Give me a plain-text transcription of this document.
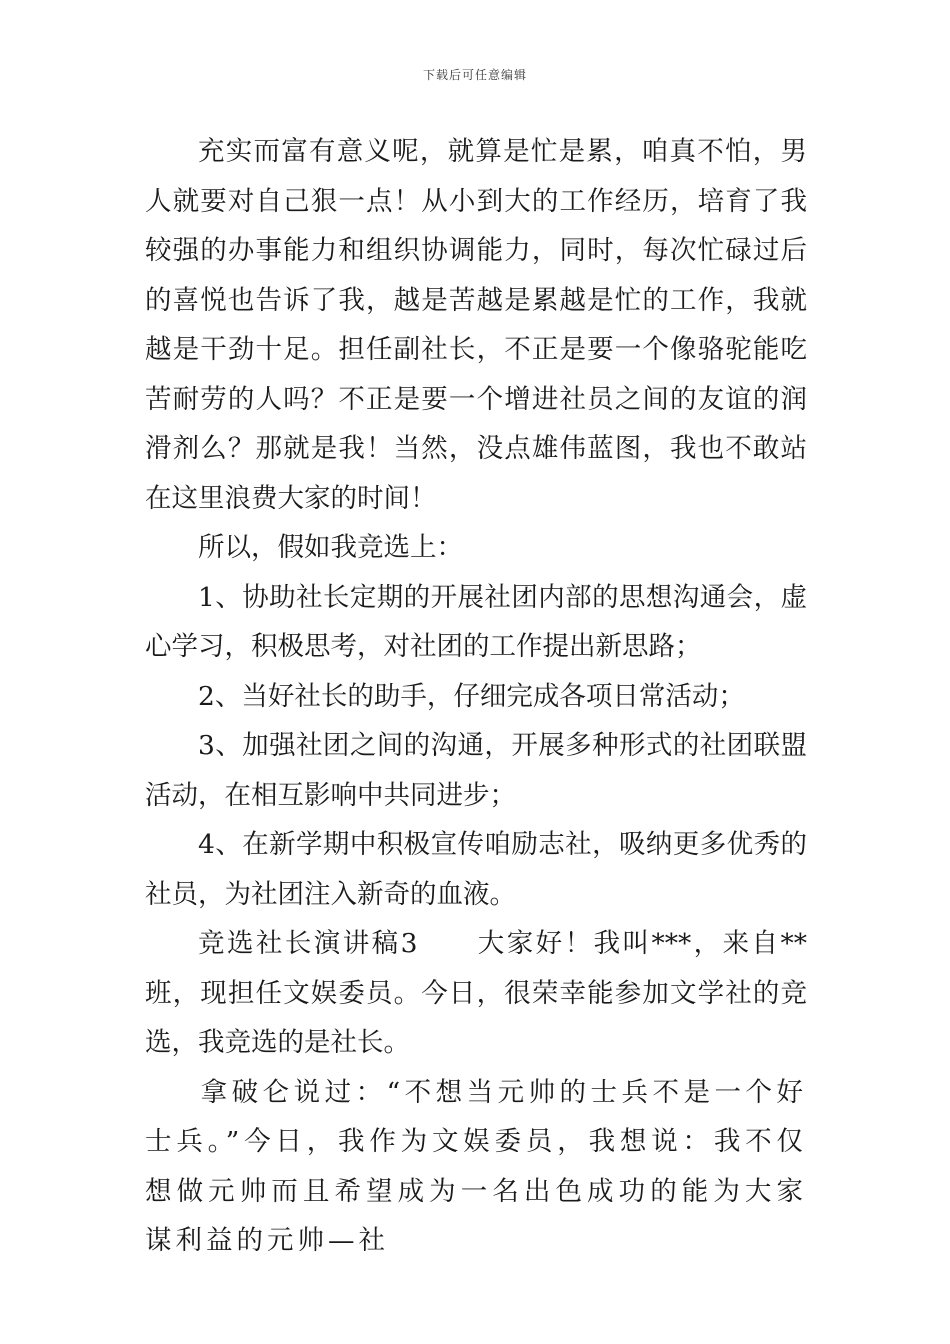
下载后可任意编辑

充实而富有意义呢，就算是忙是累，咱真不怕，男人就要对自己狠一点！从小到大的工作经历，培育了我较强的办事能力和组织协调能力，同时，每次忙碌过后的喜悦也告诉了我，越是苦越是累越是忙的工作，我就越是干劲十足。担任副社长，不正是要一个像骆驼能吃苦耐劳的人吗？不正是要一个增进社员之间的友谊的润滑剂么？那就是我！当然，没点雄伟蓝图，我也不敢站在这里浪费大家的时间！

所以，假如我竞选上：

1、协助社长定期的开展社团内部的思想沟通会，虚心学习，积极思考，对社团的工作提出新思路；

2、当好社长的助手，仔细完成各项日常活动；

3、加强社团之间的沟通，开展多种形式的社团联盟活动，在相互影响中共同进步；

4、在新学期中积极宣传咱励志社，吸纳更多优秀的社员，为社团注入新奇的血液。

竞选社长演讲稿3　　大家好！我叫***，来自**班，现担任文娱委员。今日，很荣幸能参加文学社的竞选，我竞选的是社长。

拿破仑说过：“不想当元帅的士兵不是一个好士兵。”今日，我作为文娱委员，我想说：我不仅想做元帅而且希望成为一名出色成功的能为大家谋利益的元帅—社
